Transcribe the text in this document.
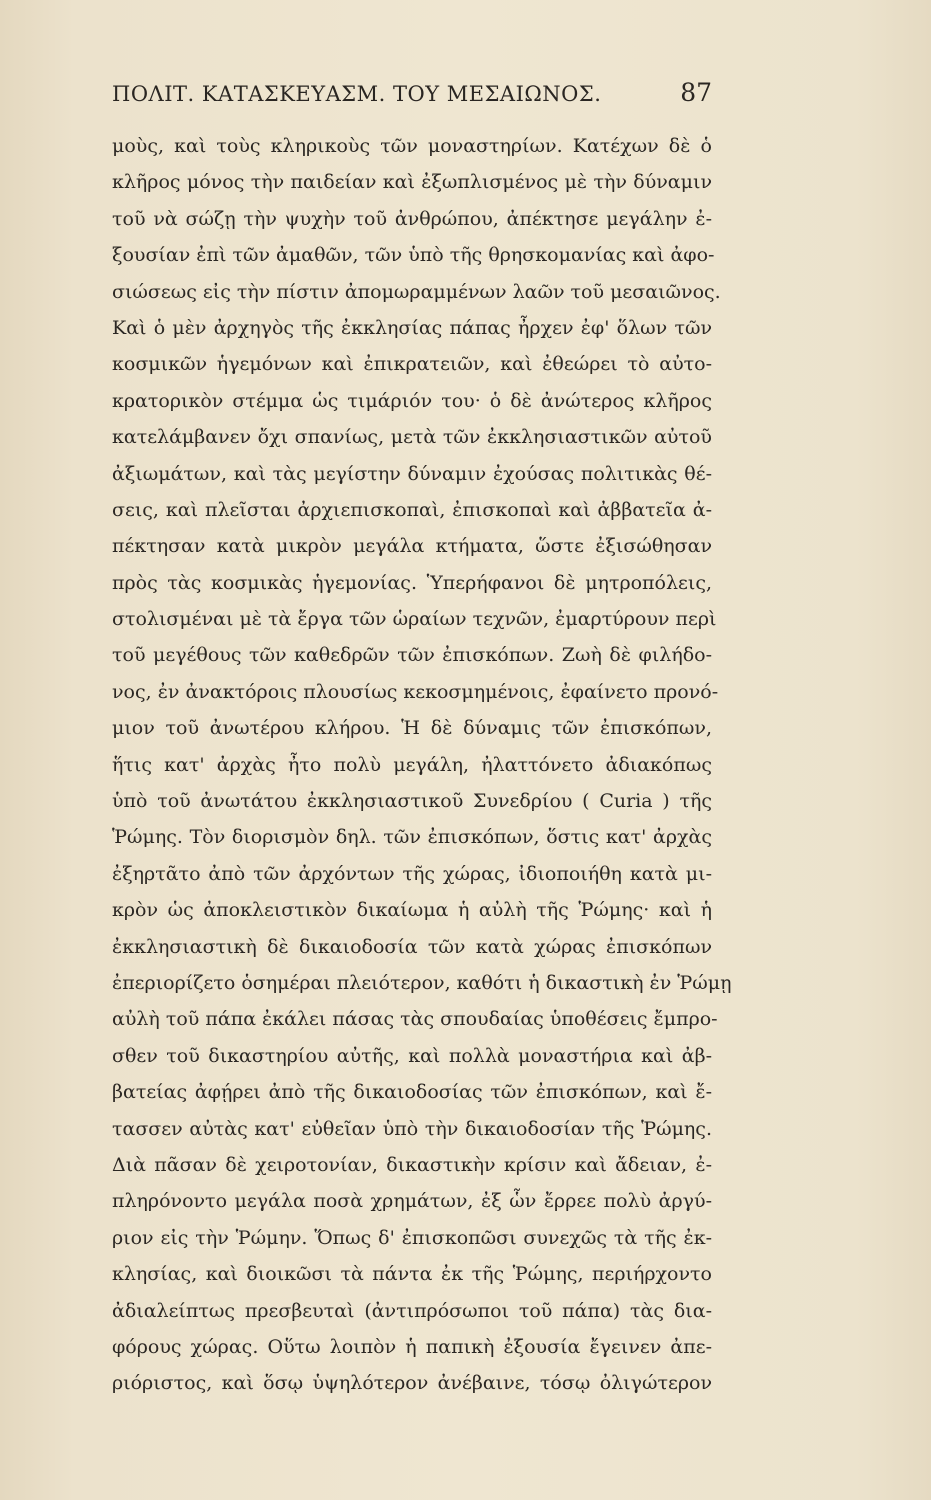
ΠΟΛΙΤ. ΚΑΤΑΣΚΕΥΑΣΜ. ΤΟΥ ΜΕΣΑΙΩΝΟΣ.	87
μοὺς, καὶ τοὺς κληρικοὺς τῶν μοναστηρίων. Κατέχων δὲ ὁ
κλῆρος μόνος τὴν παιδείαν καὶ ἐξωπλισμένος μὲ τὴν δύναμιν
τοῦ νὰ σώζῃ τὴν ψυχὴν τοῦ ἀνθρώπου, ἀπέκτησε μεγάλην ἐ-
ξουσίαν ἐπὶ τῶν ἀμαθῶν, τῶν ὑπὸ τῆς θρησκομανίας καὶ ἀφο-
σιώσεως εἰς τὴν πίστιν ἀπομωραμμένων λαῶν τοῦ μεσαιῶνος.
Καὶ ὁ μὲν ἀρχηγὸς τῆς ἐκκλησίας πάπας ἦρχεν ἐφ' ὅλων τῶν
κοσμικῶν ἡγεμόνων καὶ ἐπικρατειῶν, καὶ ἐθεώρει τὸ αὐτο-
κρατορικὸν στέμμα ὡς τιμάριόν του· ὁ δὲ ἀνώτερος κλῆρος
κατελάμβανεν ὄχι σπανίως, μετὰ τῶν ἐκκλησιαστικῶν αὐτοῦ
ἀξιωμάτων, καὶ τὰς μεγίστην δύναμιν ἐχούσας πολιτικὰς θέ-
σεις, καὶ πλεῖσται ἀρχιεπισκοπαὶ, ἐπισκοπαὶ καὶ ἀββατεῖα ἀ-
πέκτησαν κατὰ μικρὸν μεγάλα κτήματα, ὥστε ἐξισώθησαν
πρὸς τὰς κοσμικὰς ἡγεμονίας. Ὑπερήφανοι δὲ μητροπόλεις,
στολισμέναι μὲ τὰ ἔργα τῶν ὡραίων τεχνῶν, ἐμαρτύρουν περὶ
τοῦ μεγέθους τῶν καθεδρῶν τῶν ἐπισκόπων. Ζωὴ δὲ φιλήδο-
νος, ἐν ἀνακτόροις πλουσίως κεκοσμημένοις, ἐφαίνετο προνό-
μιον τοῦ ἀνωτέρου κλήρου. Ἡ δὲ δύναμις τῶν ἐπισκόπων,
ἥτις κατ' ἀρχὰς ἦτο πολὺ μεγάλη, ἠλαττόνετο ἀδιακόπως
ὑπὸ τοῦ ἀνωτάτου ἐκκλησιαστικοῦ Συνεδρίου ( Curia ) τῆς
Ῥώμης. Τὸν διορισμὸν δηλ. τῶν ἐπισκόπων, ὅστις κατ' ἀρχὰς
ἐξηρτᾶτο ἀπὸ τῶν ἀρχόντων τῆς χώρας, ἰδιοποιήθη κατὰ μι-
κρὸν ὡς ἀποκλειστικὸν δικαίωμα ἡ αὐλὴ τῆς Ῥώμης· καὶ ἡ
ἐκκλησιαστικὴ δὲ δικαιοδοσία τῶν κατὰ χώρας ἐπισκόπων
ἐπεριορίζετο ὁσημέραι πλειότερον, καθότι ἡ δικαστικὴ ἐν Ῥώμῃ
αὐλὴ τοῦ πάπα ἐκάλει πάσας τὰς σπουδαίας ὑποθέσεις ἔμπρο-
σθεν τοῦ δικαστηρίου αὐτῆς, καὶ πολλὰ μοναστήρια καὶ ἀβ-
βατείας ἀφῄρει ἀπὸ τῆς δικαιοδοσίας τῶν ἐπισκόπων, καὶ ἔ-
τασσεν αὐτὰς κατ' εὐθεῖαν ὑπὸ τὴν δικαιοδοσίαν τῆς Ῥώμης.
Διὰ πᾶσαν δὲ χειροτονίαν, δικαστικὴν κρίσιν καὶ ἄδειαν, ἐ-
πληρόνοντο μεγάλα ποσὰ χρημάτων, ἐξ ὧν ἔρρεε πολὺ ἀργύ-
ριον εἰς τὴν Ῥώμην. Ὅπως δ' ἐπισκοπῶσι συνεχῶς τὰ τῆς ἐκ-
κλησίας, καὶ διοικῶσι τὰ πάντα ἐκ τῆς Ῥώμης, περιήρχοντο
ἀδιαλείπτως πρεσβευταὶ (ἀντιπρόσωποι τοῦ πάπα) τὰς δια-
φόρους χώρας. Οὕτω λοιπὸν ἡ παπικὴ ἐξουσία ἔγεινεν ἀπε-
ριόριστος, καὶ ὅσῳ ὑψηλότερον ἀνέβαινε, τόσῳ ὀλιγώτερον
